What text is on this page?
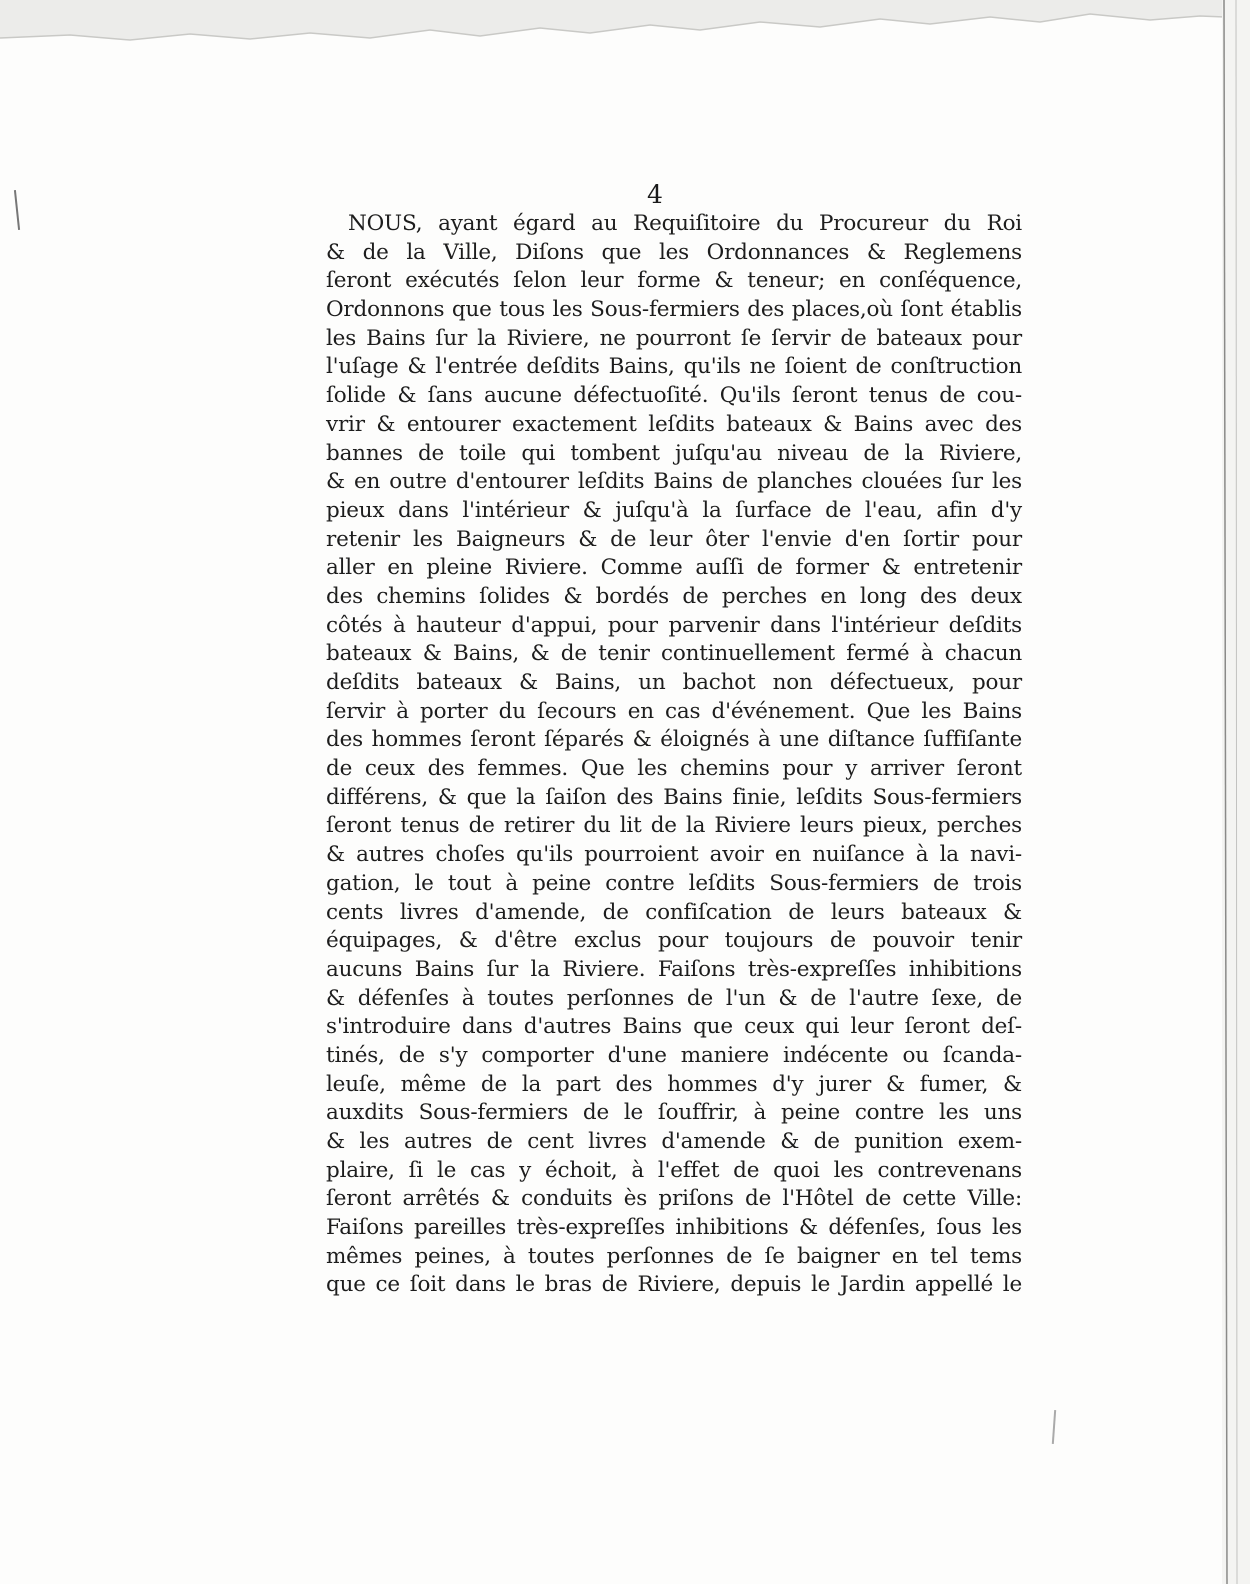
4
NOUS, ayant égard au Requiſitoire du Procureur du Roi
& de la Ville, Diſons que les Ordonnances & Reglemens
ſeront exécutés ſelon leur forme & teneur; en conſéquence,
Ordonnons que tous les Sous-fermiers des places,où ſont établis
les Bains ſur la Riviere, ne pourront ſe ſervir de bateaux pour
l'uſage & l'entrée deſdits Bains, qu'ils ne ſoient de conſtruction
ſolide & ſans aucune défectuoſité. Qu'ils ſeront tenus de cou-
vrir & entourer exactement leſdits bateaux & Bains avec des
bannes de toile qui tombent juſqu'au niveau de la Riviere,
& en outre d'entourer leſdits Bains de planches clouées ſur les
pieux dans l'intérieur & juſqu'à la ſurface de l'eau, afin d'y
retenir les Baigneurs & de leur ôter l'envie d'en ſortir pour
aller en pleine Riviere. Comme auſſi de former & entretenir
des chemins ſolides & bordés de perches en long des deux
côtés à hauteur d'appui, pour parvenir dans l'intérieur deſdits
bateaux & Bains, & de tenir continuellement fermé à chacun
deſdits bateaux & Bains, un bachot non défectueux, pour
ſervir à porter du ſecours en cas d'événement. Que les Bains
des hommes ſeront ſéparés & éloignés à une diſtance ſuffiſante
de ceux des femmes. Que les chemins pour y arriver ſeront
différens, & que la ſaiſon des Bains finie, leſdits Sous-fermiers
ſeront tenus de retirer du lit de la Riviere leurs pieux, perches
& autres choſes qu'ils pourroient avoir en nuiſance à la navi-
gation, le tout à peine contre leſdits Sous-fermiers de trois
cents livres d'amende, de confiſcation de leurs bateaux &
équipages, & d'être exclus pour toujours de pouvoir tenir
aucuns Bains ſur la Riviere. Faiſons très-expreſſes inhibitions
& défenſes à toutes perſonnes de l'un & de l'autre ſexe, de
s'introduire dans d'autres Bains que ceux qui leur ſeront deſ-
tinés, de s'y comporter d'une maniere indécente ou ſcanda-
leuſe, même de la part des hommes d'y jurer & fumer, &
auxdits Sous-fermiers de le ſouffrir, à peine contre les uns
& les autres de cent livres d'amende & de punition exem-
plaire, ſi le cas y échoit, à l'effet de quoi les contrevenans
ſeront arrêtés & conduits ès priſons de l'Hôtel de cette Ville:
Faiſons pareilles très-expreſſes inhibitions & défenſes, ſous les
mêmes peines, à toutes perſonnes de ſe baigner en tel tems
que ce ſoit dans le bras de Riviere, depuis le Jardin appellé le
